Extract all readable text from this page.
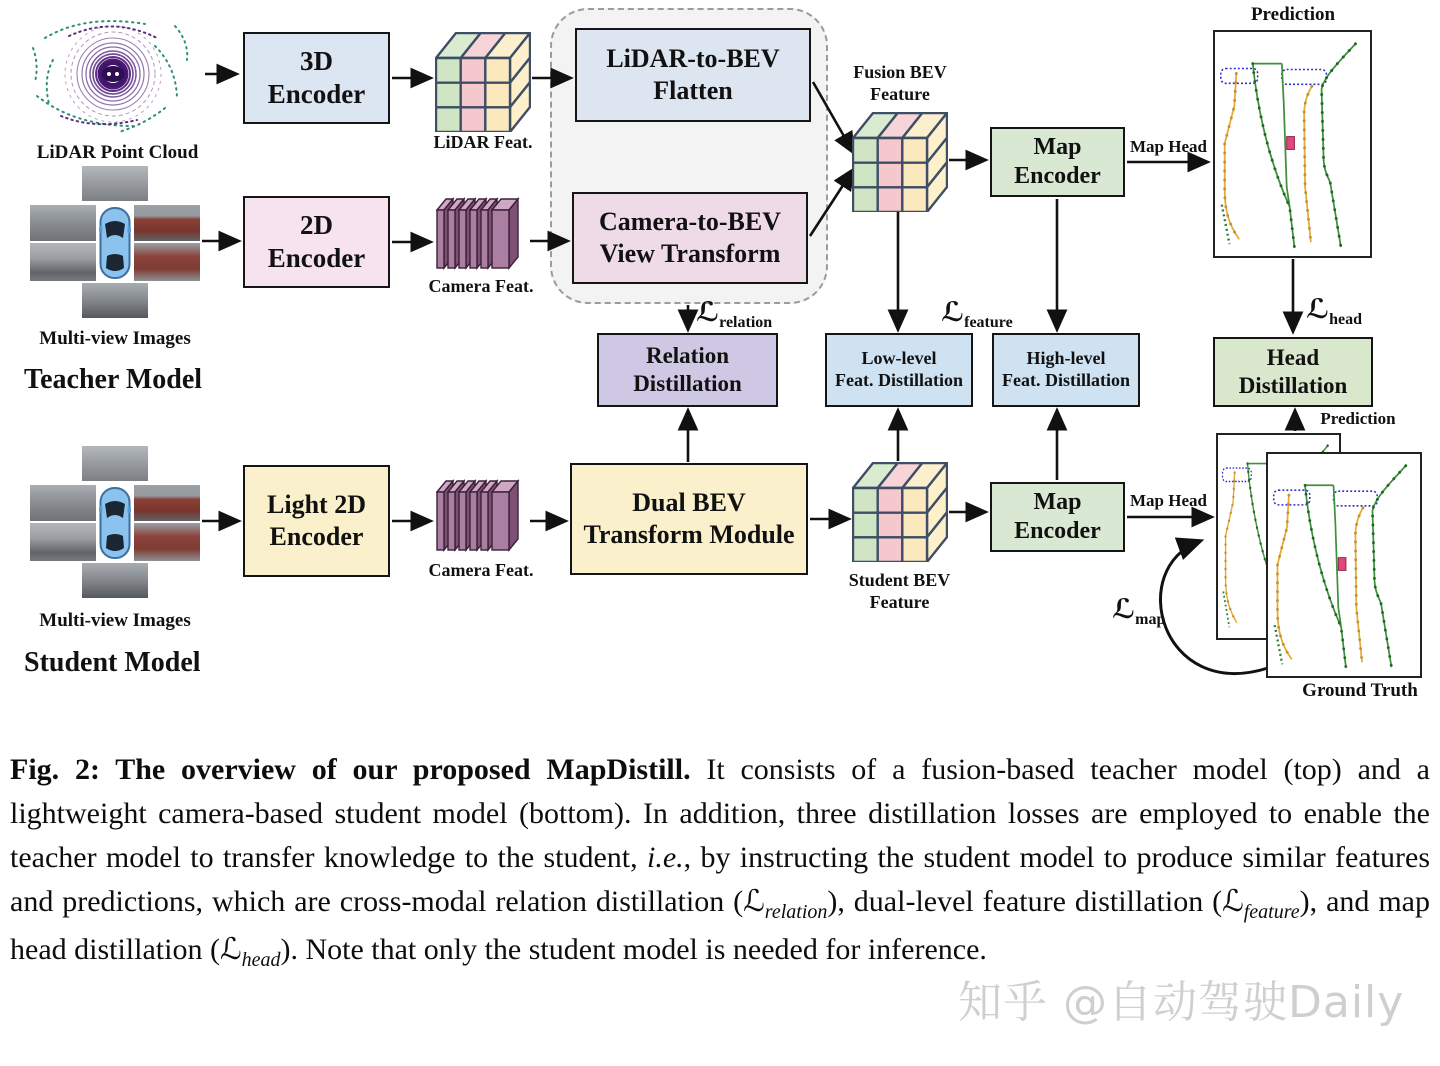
LiDAR Point Cloud
Multi-view Images
Teacher Model
3D
Encoder
2D
Encoder
LiDAR Feat.
Camera Feat.
LiDAR-to-BEV
Flatten
Camera-to-BEV
View Transform
Fusion BEV
Feature
Map
Encoder
Map Head
Prediction
ℒrelation	ℒfeature	ℒhead
ℒmap
Relation
Distillation
Low-level
Feat. Distillation
High-level
Feat. Distillation
Head
Distillation
Prediction
Multi-view Images
Student Model
Light 2D
Encoder
Camera Feat.
Dual BEV
Transform Module
Student BEV
Feature
Map
Encoder
Map Head
Ground Truth
Fig. 2: The overview of our proposed MapDistill. It consists of a fusion-based teacher model (top) and a lightweight camera-based student model (bottom). In addition, three distillation losses are employed to enable the teacher model to transfer knowledge to the student, i.e., by instructing the student model to produce similar features and predictions, which are cross-modal relation distillation (ℒ$_{relation}$), dual-level feature distillation (ℒ$_{feature}$), and map head distillation (ℒ$_{head}$). Note that only the student model is needed for inference.
知乎 @自动驾驶Daily
